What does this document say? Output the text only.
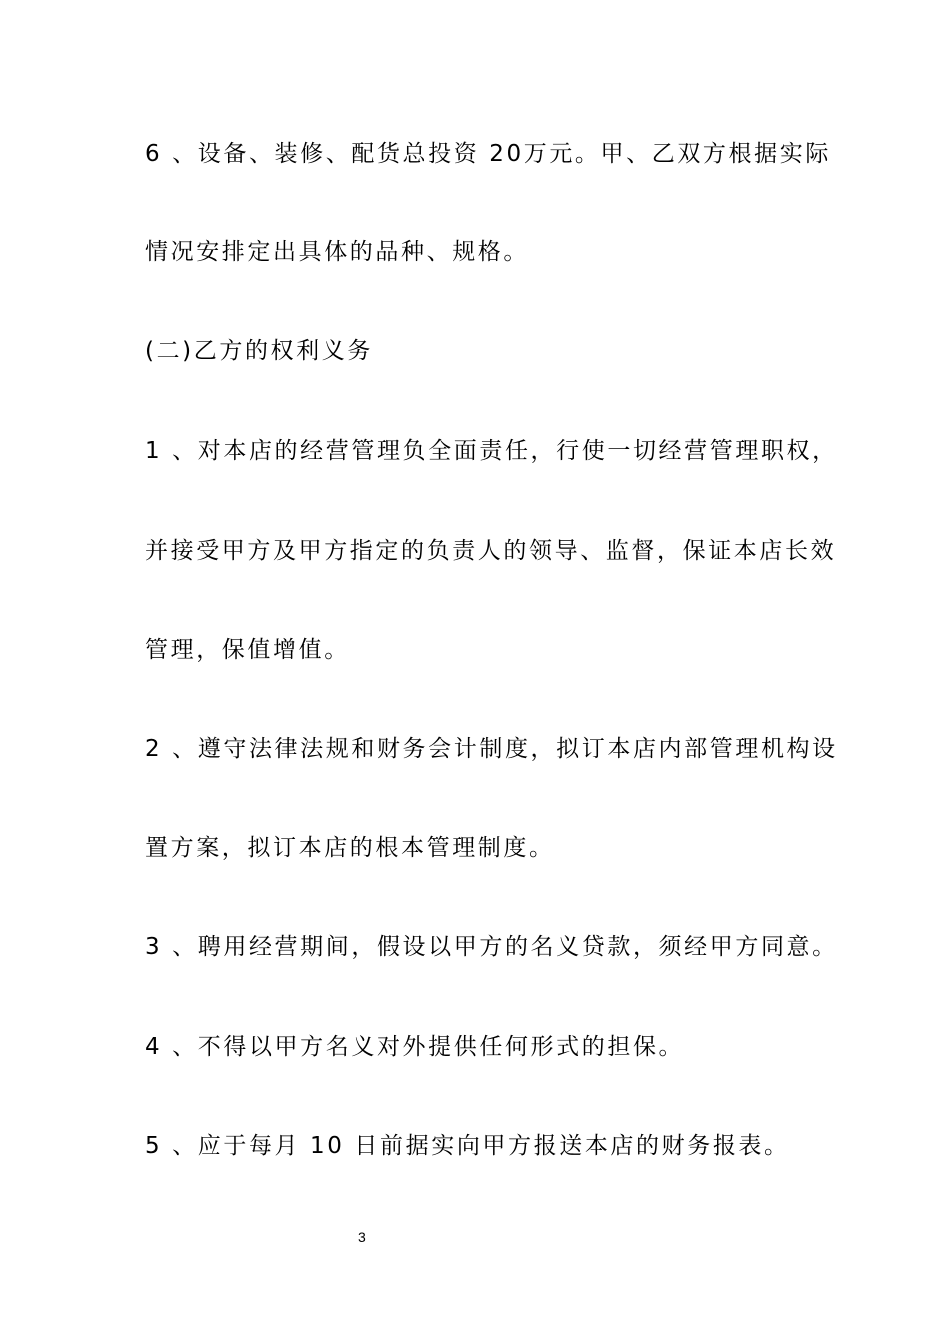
6 、设备、装修、配货总投资 20万元。甲、乙双方根据实际
情况安排定出具体的品种、规格。
(二)乙方的权利义务
1 、对本店的经营管理负全面责任，行使一切经营管理职权，
并接受甲方及甲方指定的负责人的领导、监督，保证本店长效
管理，保值增值。
2 、遵守法律法规和财务会计制度，拟订本店内部管理机构设
置方案，拟订本店的根本管理制度。
3 、聘用经营期间，假设以甲方的名义贷款，须经甲方同意。
4 、不得以甲方名义对外提供任何形式的担保。
5 、应于每月 10 日前据实向甲方报送本店的财务报表。
3
